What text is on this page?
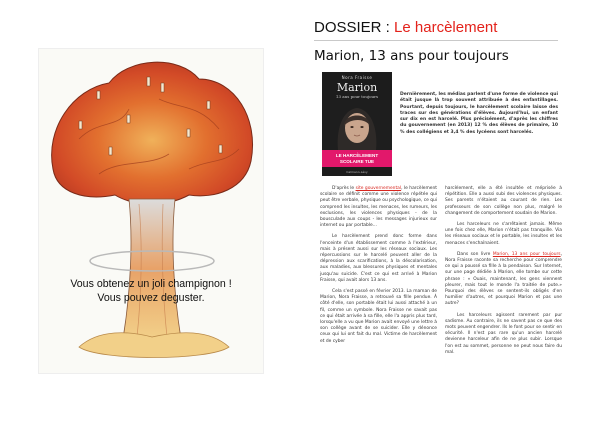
Vous obtenez un joli champignon !
Vous pouvez deguster.
DOSSIER : Le harcèlement
Marion, 13 ans pour toujours
Nora Fraisse
Marion
13 ans pour toujours
LE HARCÈLEMENT
SCOLAIRE TUE
Calmann-Lévy
Dernièrement, les médias parlent d'une forme de violence qui était jusque là trop souvent attribuée à des enfantillages. Pourtant, depuis toujours, le harcèlement scolaire laisse des traces sur des générations d'élèves. Aujourd'hui, un enfant sur dix en est harcelé. Plus précisément, d'après les chiffres du gouvernement (en 2013) 12 % des élèves de primaire, 10 % des collégiens et 3,4 % des lycéens sont harcelés.

D'après le site gouvernemental, le harcèlement scolaire se définit comme une violence répétée qui peut être verbale, physique ou psychologique, ce qui comprend les insultes, les menaces, les rumeurs, les exclusions, les violences physiques - de la bousculade aux coups - les messages injurieux sur internet ou par portable...

Le harcèlement prend donc forme dans l'enceinte d'un établissement comme à l'extérieur, mais à présent aussi sur les réseaux sociaux. Les répercussions sur le harcelé peuvent aller de la dépression aux scarifications, à la déscolarisation, aux maladies, aux blessures physiques et mentales jusqu'au suicide. C'est ce qui est arrivé à Marion Fraisse, qui avait alors 13 ans.

Cela s'est passé en février 2013. La maman de Marion, Nora Fraisse, a retrouvé sa fille pendue. À côté d'elle, son portable était lui aussi attaché à un fil, comme un symbole. Nora Fraisse ne savait pas ce qui était arrivée à sa fille, elle l'a appris plus tard, lorsqu'elle a vu que Marion avait envoyé une lettre à son collège avant de se suicider. Elle y dénonce ceux qui lui ont fait du mal. Victime de harcèlement et de cyber

harcèlement, elle a été insultée et méprisée à répétition. Elle a aussi subi des violences physiques. Ses parents n'étaient au courant de rien. Les professeurs de son collège non plus, malgré le changement de comportement soudain de Marion.

Les harceleurs ne s'arrêtaient jamais. Même une fois chez elle, Marion n'était pas tranquille. Via les réseaux sociaux et le portable, les insultes et les menaces s'enchaînaient.

Dans son livre Marion, 13 ans pour toujours, Nora Fraisse raconte sa recherche pour comprendre ce qui a poussé sa fille à la pendaison. Sur Internet, sur une page dédiée à Marion, elle tombe sur cette phrase : « Ouais, maintenant, les gens viennent pleurer, mais tout le monde l'a traitée de pute.» Pourquoi des élèves se sentent-ils obligés d'en humilier d'autres, et pourquoi Marion et pas une autre?

Les harceleurs agissent rarement par pur sadisme. Au contraire, ils ne savent pas ce que des mots peuvent engendrer. Ils le font pour se sentir en sécurité. Il n'est pas rare qu'un ancien harcelé devienne harceleur afin de ne plus subir. Lorsque l'on est au sommet, personne ne peut nous faire du mal.
